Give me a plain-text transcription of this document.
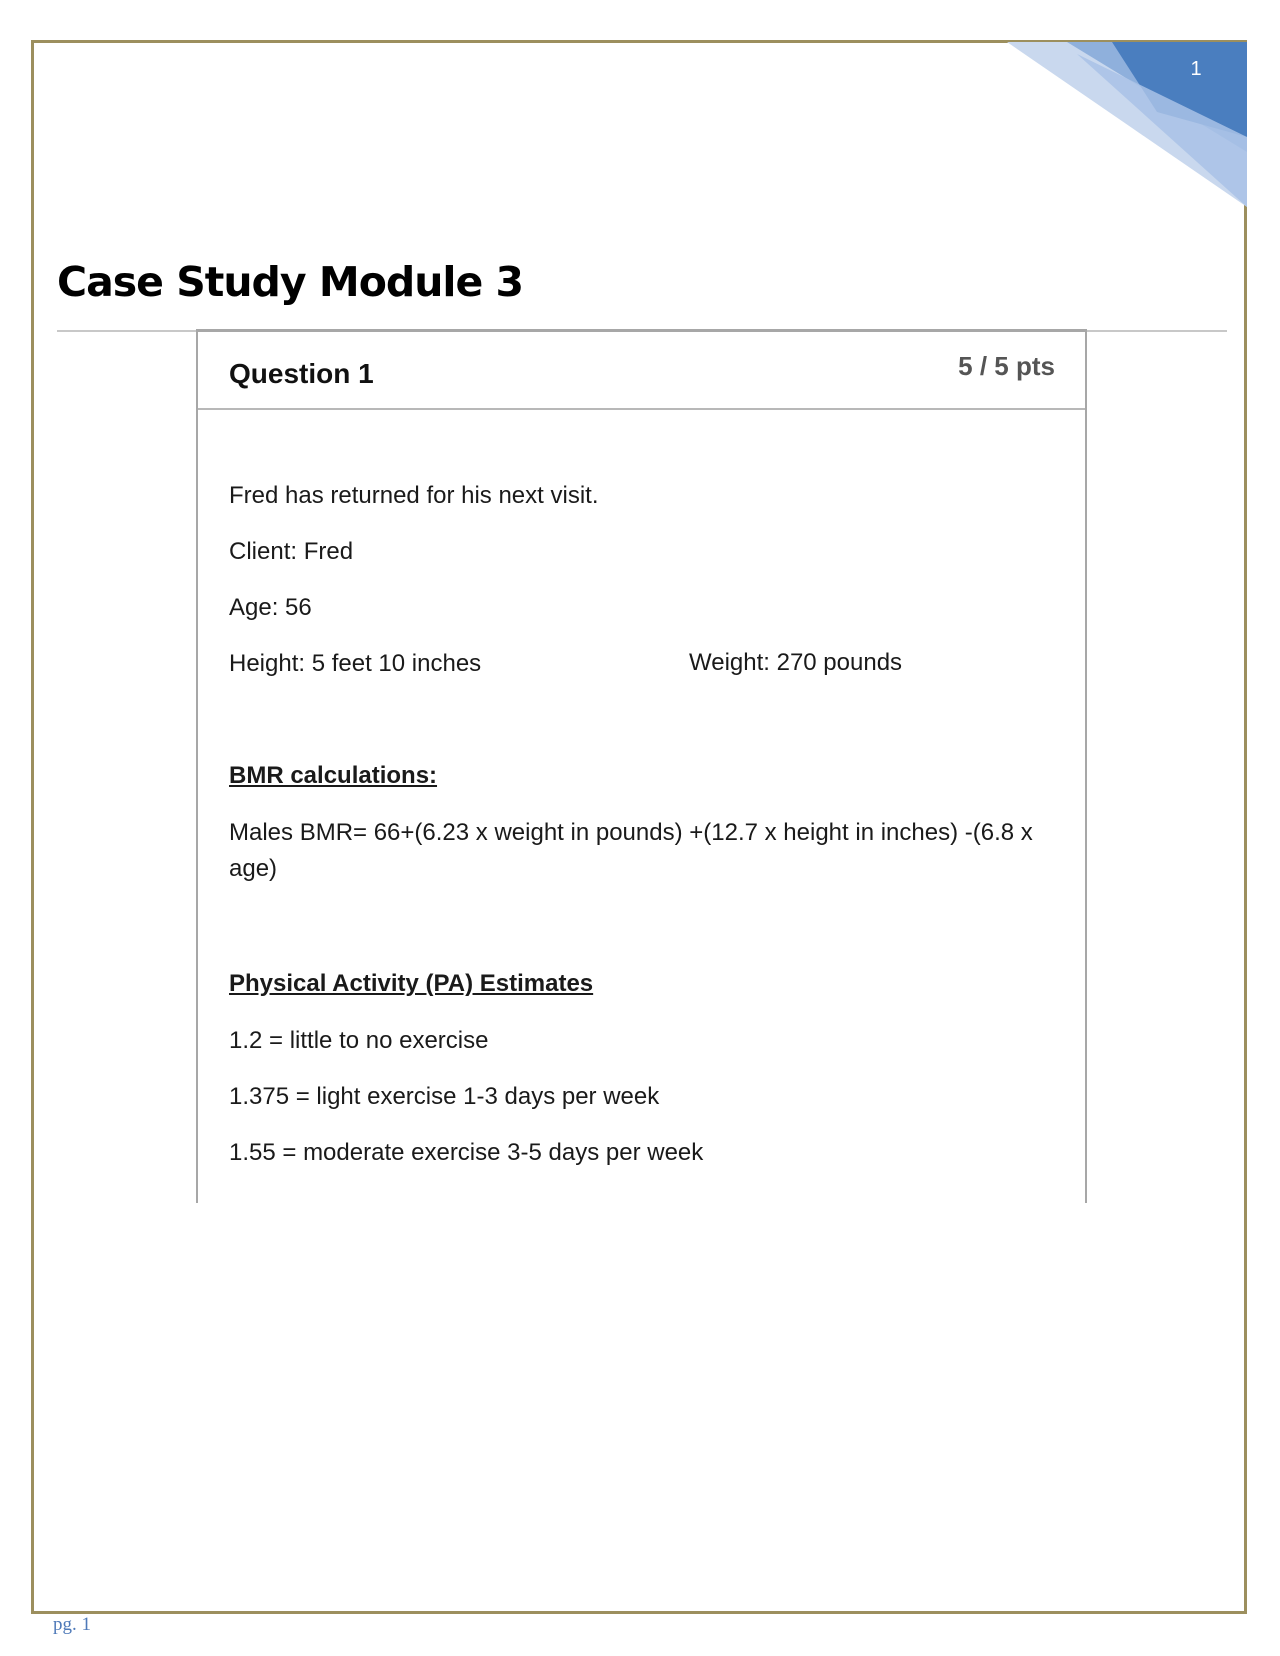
1
Case Study Module 3
Question 1	5 / 5 pts
Fred has returned for his next visit.
Client: Fred
Age: 56
Height: 5 feet 10 inches	Weight: 270 pounds
BMR calculations:
Males BMR= 66+(6.23 x weight in pounds) +(12.7 x height in inches) -(6.8 x age)
Physical Activity (PA) Estimates
1.2 = little to no exercise
1.375 = light exercise 1-3 days per week
1.55 = moderate exercise 3-5 days per week
pg. 1
